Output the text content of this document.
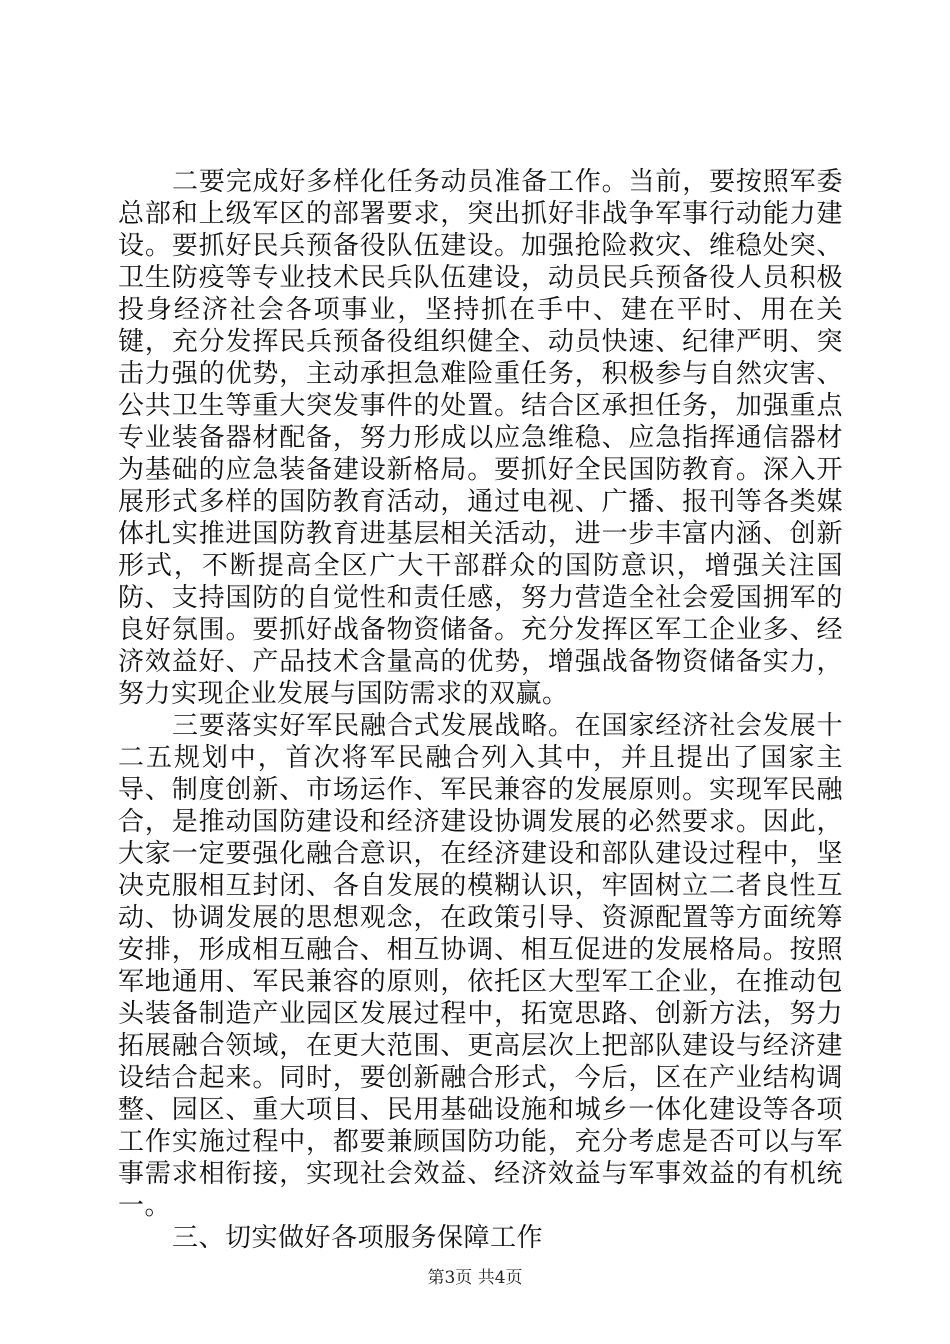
二要完成好多样化任务动员准备工作。当前，要按照军委总部和上级军区的部署要求，突出抓好非战争军事行动能力建设。要抓好民兵预备役队伍建设。加强抢险救灾、维稳处突、卫生防疫等专业技术民兵队伍建设，动员民兵预备役人员积极投身经济社会各项事业，坚持抓在手中、建在平时、用在关键，充分发挥民兵预备役组织健全、动员快速、纪律严明、突击力强的优势，主动承担急难险重任务，积极参与自然灾害、公共卫生等重大突发事件的处置。结合区承担任务，加强重点专业装备器材配备，努力形成以应急维稳、应急指挥通信器材为基础的应急装备建设新格局。要抓好全民国防教育。深入开展形式多样的国防教育活动，通过电视、广播、报刊等各类媒体扎实推进国防教育进基层相关活动，进一步丰富内涵、创新形式，不断提高全区广大干部群众的国防意识，增强关注国防、支持国防的自觉性和责任感，努力营造全社会爱国拥军的良好氛围。要抓好战备物资储备。充分发挥区军工企业多、经济效益好、产品技术含量高的优势，增强战备物资储备实力，努力实现企业发展与国防需求的双赢。

三要落实好军民融合式发展战略。在国家经济社会发展十二五规划中，首次将军民融合列入其中，并且提出了国家主导、制度创新、市场运作、军民兼容的发展原则。实现军民融合，是推动国防建设和经济建设协调发展的必然要求。因此，大家一定要强化融合意识，在经济建设和部队建设过程中，坚决克服相互封闭、各自发展的模糊认识，牢固树立二者良性互动、协调发展的思想观念，在政策引导、资源配置等方面统筹安排，形成相互融合、相互协调、相互促进的发展格局。按照军地通用、军民兼容的原则，依托区大型军工企业，在推动包头装备制造产业园区发展过程中，拓宽思路、创新方法，努力拓展融合领域，在更大范围、更高层次上把部队建设与经济建设结合起来。同时，要创新融合形式，今后，区在产业结构调整、园区、重大项目、民用基础设施和城乡一体化建设等各项工作实施过程中，都要兼顾国防功能，充分考虑是否可以与军事需求相衔接，实现社会效益、经济效益与军事效益的有机统一。

三、切实做好各项服务保障工作

第3页 共4页
